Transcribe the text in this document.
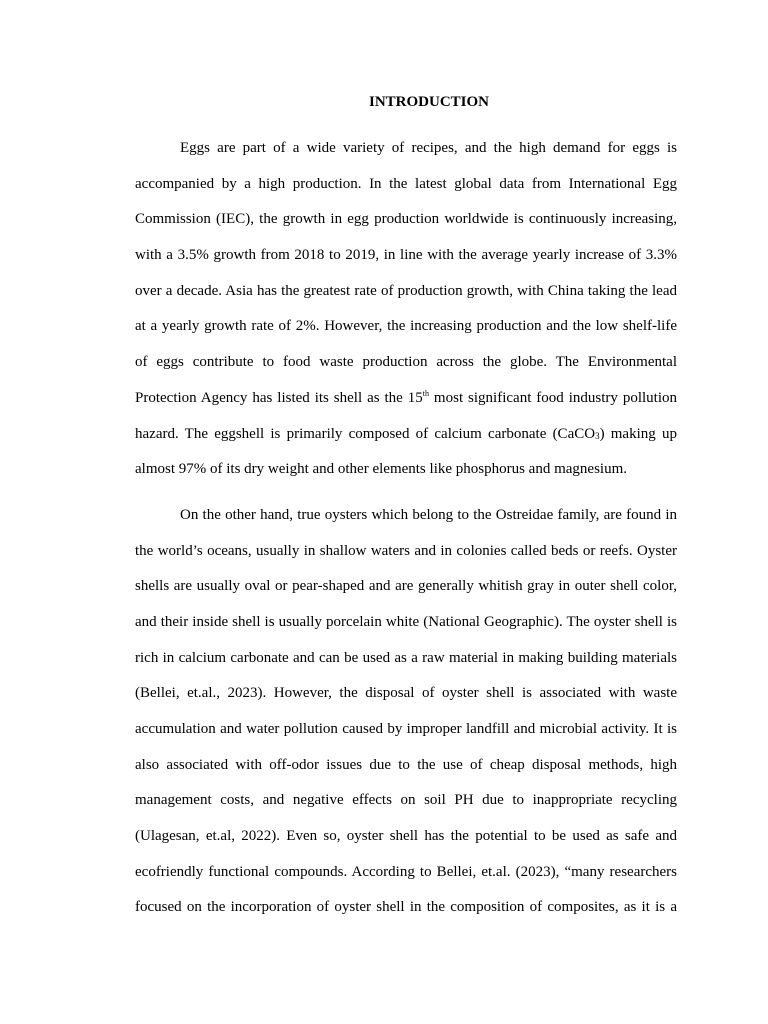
INTRODUCTION
Eggs are part of a wide variety of recipes, and the high demand for eggs is
accompanied by a high production. In the latest global data from International Egg
Commission (IEC), the growth in egg production worldwide is continuously increasing,
with a 3.5% growth from 2018 to 2019, in line with the average yearly increase of 3.3%
over a decade. Asia has the greatest rate of production growth, with China taking the lead
at a yearly growth rate of 2%. However, the increasing production and the low shelf-life
of eggs contribute to food waste production across the globe. The Environmental
Protection Agency has listed its shell as the 15th most significant food industry pollution
hazard. The eggshell is primarily composed of calcium carbonate (CaCO$_3$) making up
almost 97% of its dry weight and other elements like phosphorus and magnesium.
On the other hand, true oysters which belong to the Ostreidae family, are found in
the world’s oceans, usually in shallow waters and in colonies called beds or reefs. Oyster
shells are usually oval or pear-shaped and are generally whitish gray in outer shell color,
and their inside shell is usually porcelain white (National Geographic). The oyster shell is
rich in calcium carbonate and can be used as a raw material in making building materials
(Bellei, et.al., 2023). However, the disposal of oyster shell is associated with waste
accumulation and water pollution caused by improper landfill and microbial activity. It is
also associated with off-odor issues due to the use of cheap disposal methods, high
management costs, and negative effects on soil PH due to inappropriate recycling
(Ulagesan, et.al, 2022). Even so, oyster shell has the potential to be used as safe and
ecofriendly functional compounds. According to Bellei, et.al. (2023), “many researchers
focused on the incorporation of oyster shell in the composition of composites, as it is a
